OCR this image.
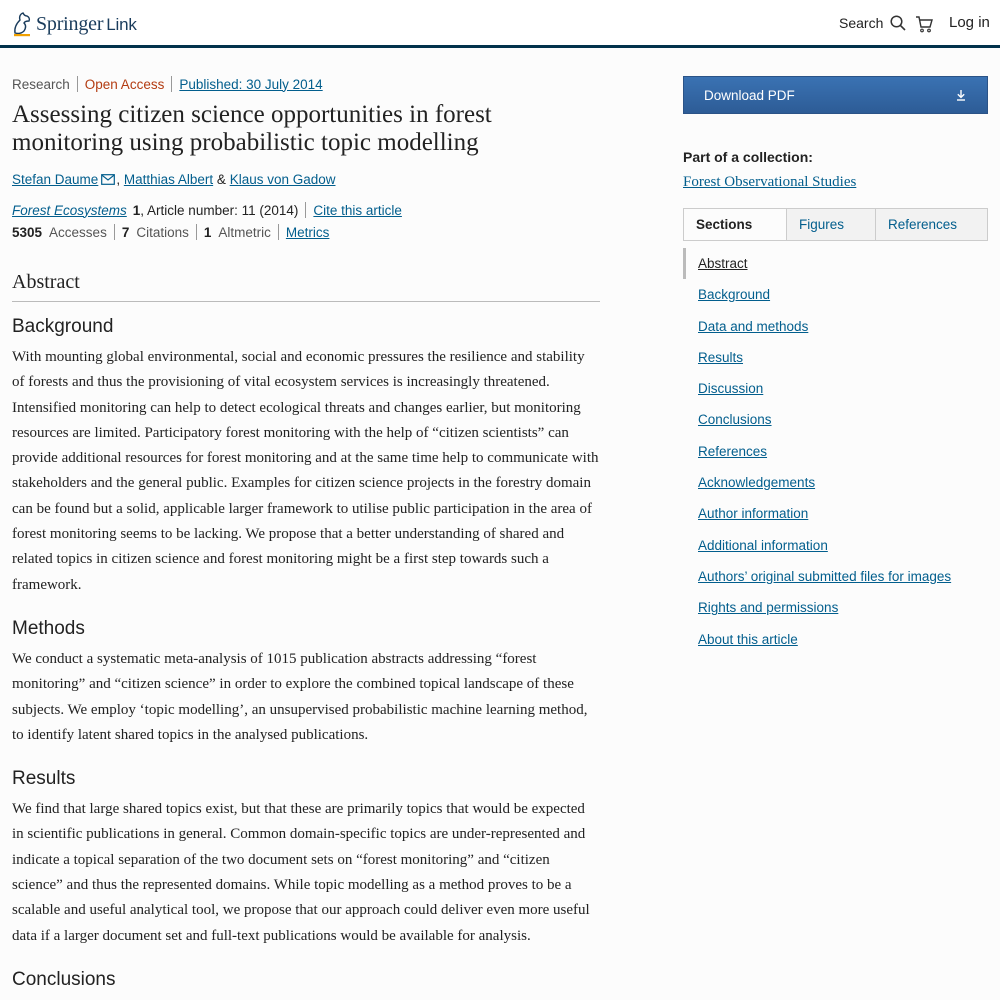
Springer Link	Search	Log in
Research Open Access Published: 30 July 2014
Assessing citizen science opportunities in forest monitoring using probabilistic topic modelling
Stefan Daume ,
Matthias Albert
&
Klaus von Gadow
Forest Ecosystems 1 , Article number: 11 (2014) Cite this article
5305 Accesses 7 Citations 1 Altmetric Metrics
Abstract
Background

With mounting global environmental, social and economic pressures the resilience and stability of forests and thus the provisioning of vital ecosystem services is increasingly threatened. Intensified monitoring can help to detect ecological threats and changes earlier, but monitoring resources are limited. Participatory forest monitoring with the help of “citizen scientists” can provide additional resources for forest monitoring and at the same time help to communicate with stakeholders and the general public. Examples for citizen science projects in the forestry domain can be found but a solid, applicable larger framework to utilise public participation in the area of forest monitoring seems to be lacking. We propose that a better understanding of shared and related topics in citizen science and forest monitoring might be a first step towards such a framework.

Methods

We conduct a systematic meta-analysis of 1015 publication abstracts addressing “forest monitoring” and “citizen science” in order to explore the combined topical landscape of these subjects. We employ ‘topic modelling’, an unsupervised probabilistic machine learning method, to identify latent shared topics in the analysed publications.

Results

We find that large shared topics exist, but that these are primarily topics that would be expected in scientific publications in general. Common domain-specific topics are under-represented and indicate a topical separation of the two document sets on “forest monitoring” and “citizen science” and thus the represented domains. While topic modelling as a method proves to be a scalable and useful analytical tool, we propose that our approach could deliver even more useful data if a larger document set and full-text publications would be available for analysis.

Conclusions
Download PDF
Part of a collection:
Forest Observational Studies
Sections	Figures	References
Abstract
Background
Data and methods
Results
Discussion
Conclusions
References
Acknowledgements
Author information
Additional information
Authors’ original submitted files for images
Rights and permissions
About this article
